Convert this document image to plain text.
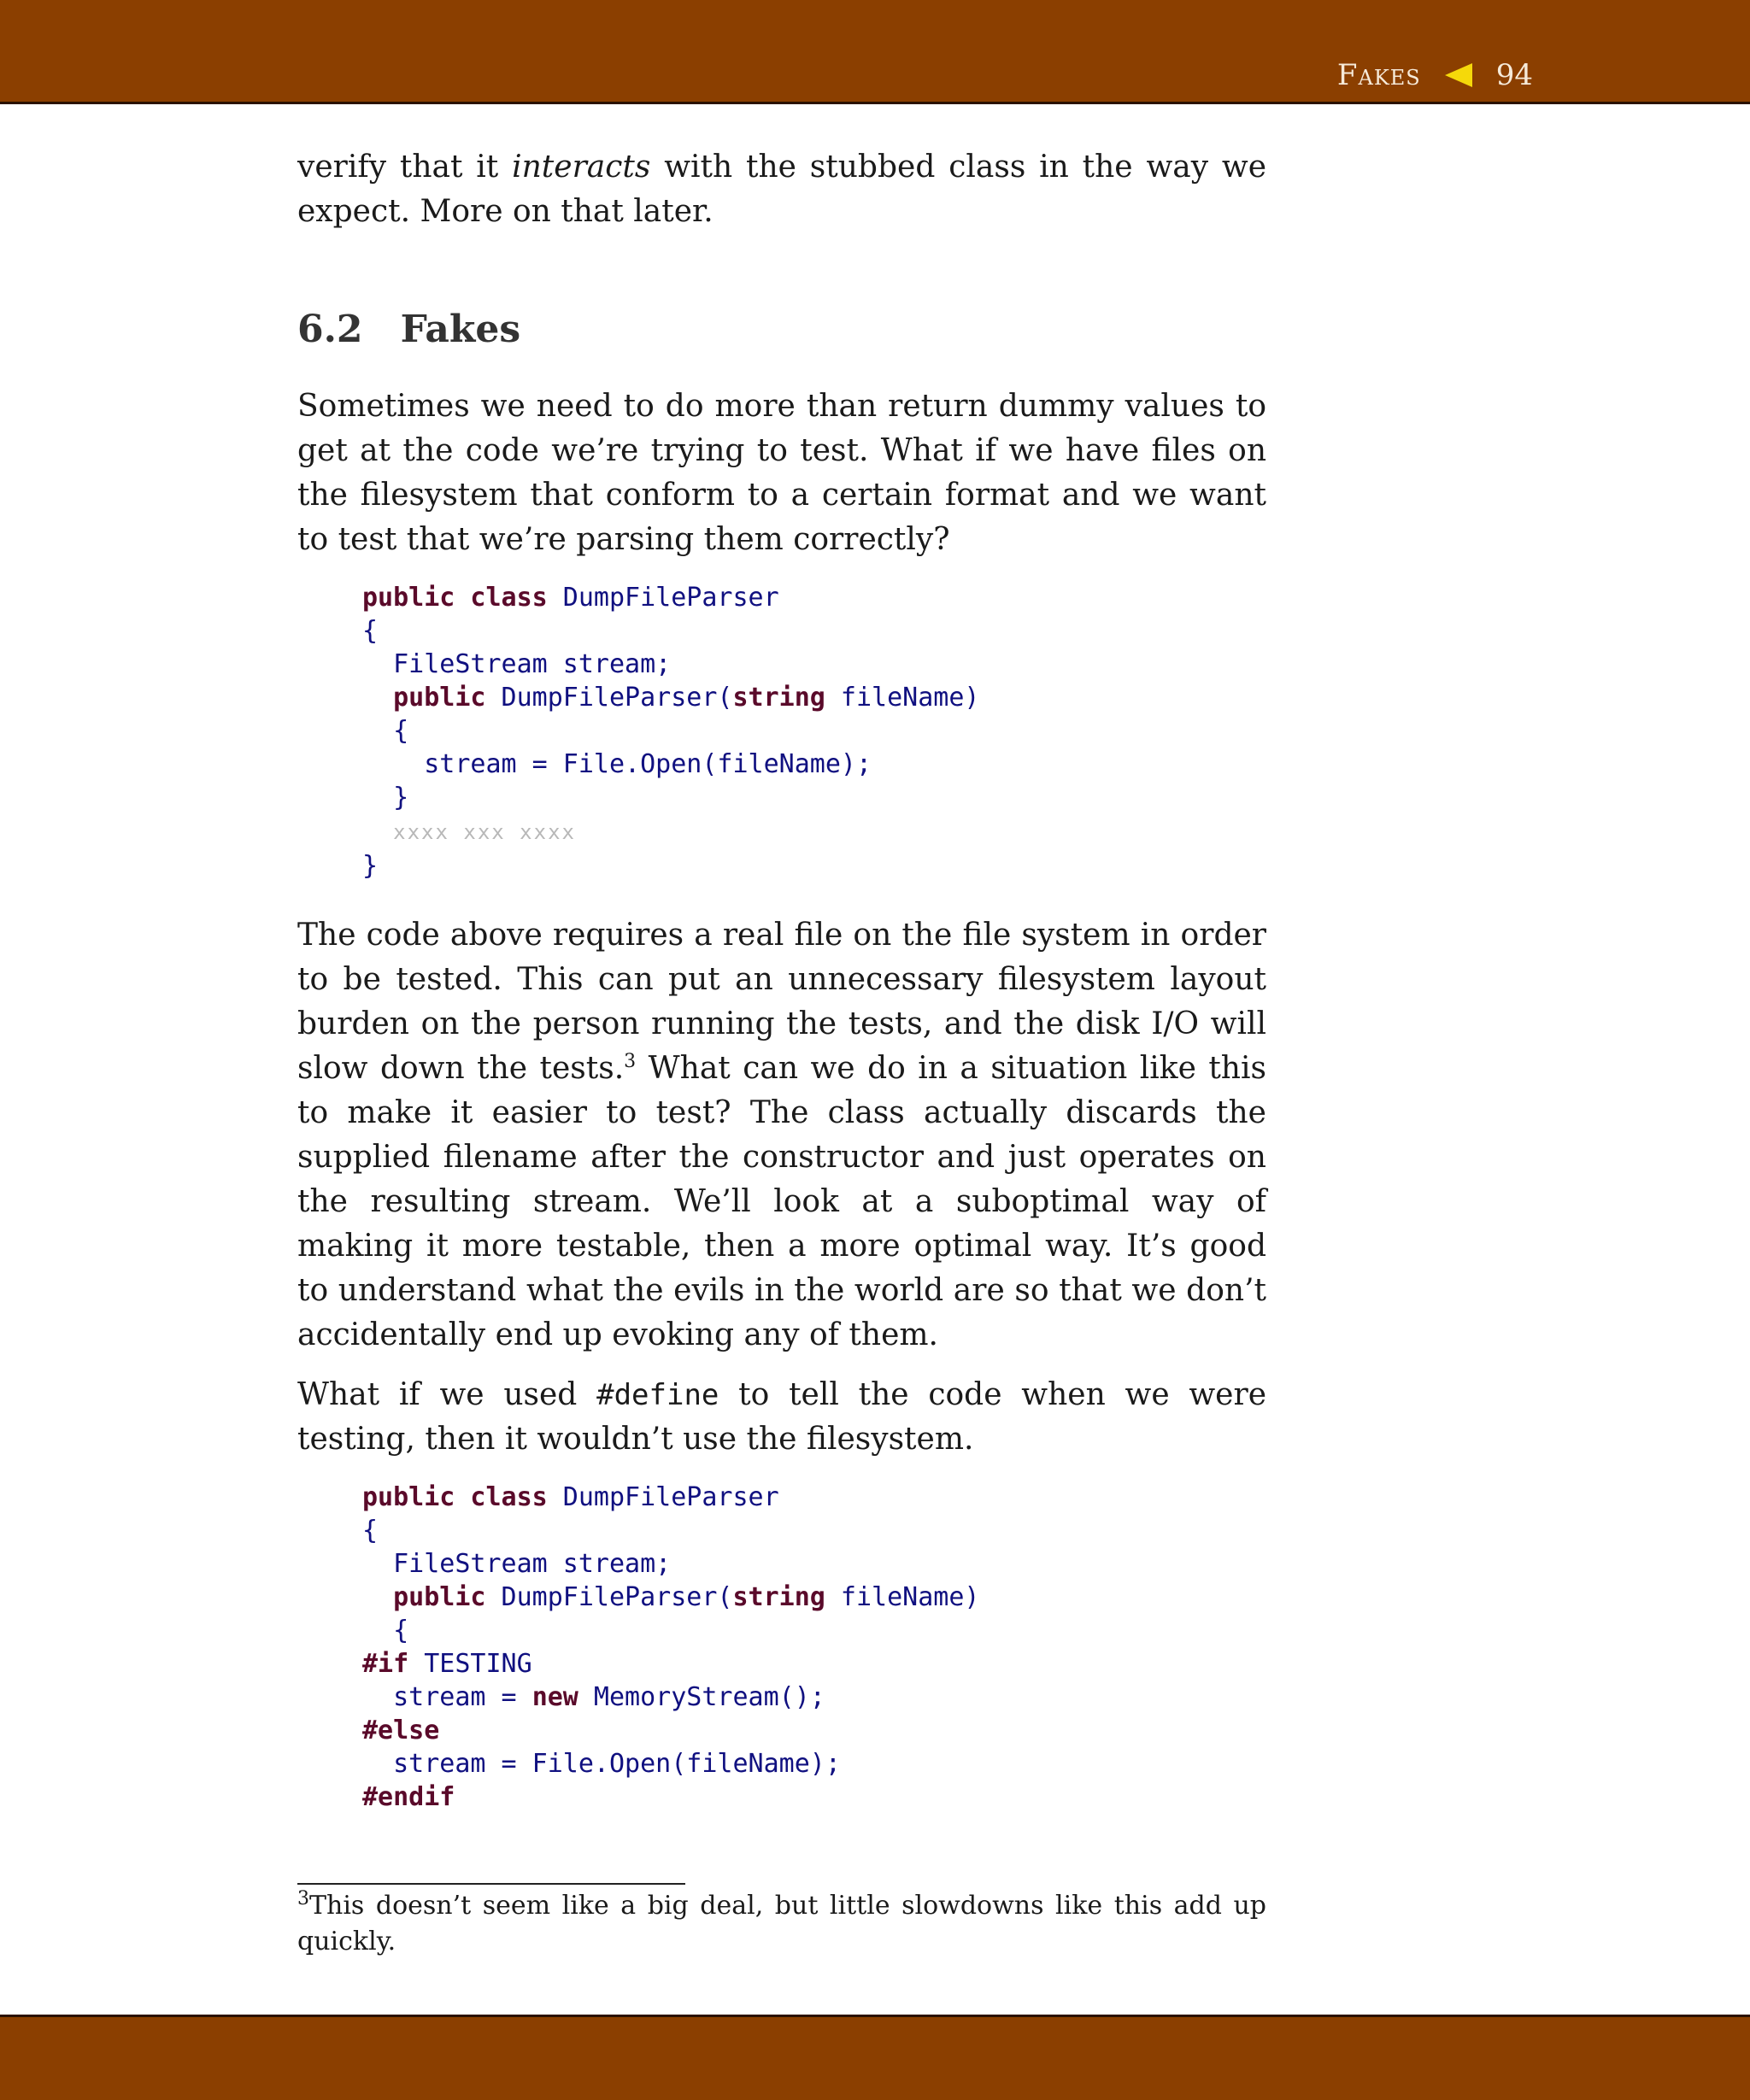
Fakes	94

verify that it interacts with the stubbed class in the way we expect. More on that later.

6.2 Fakes

Sometimes we need to do more than return dummy values to get at the code we’re trying to test. What if we have files on the filesystem that conform to a certain format and we want to test that we’re parsing them correctly?

public class DumpFileParser
{
FileStream stream;
public DumpFileParser(string fileName)
{
stream = File.Open(fileName);
}
xxxx xxx xxxx
}

The code above requires a real file on the file system in order to be tested. This can put an unnecessary filesystem layout burden on the person running the tests, and the disk I/O will slow down the tests.$^3$ What can we do in a situation like this to make it easier to test? The class actually discards the supplied filename after the constructor and just operates on the resulting stream. We’ll look at a suboptimal way of making it more testable, then a more optimal way. It’s good to understand what the evils in the world are so that we don’t accidentally end up evoking any of them.

What if we used #define to tell the code when we were testing, then it wouldn’t use the filesystem.

public class DumpFileParser
{
FileStream stream;
public DumpFileParser(string fileName)
{
#if TESTING
stream = new MemoryStream();
#else
stream = File.Open(fileName);
#endif
$^3$This doesn’t seem like a big deal, but little slowdowns like this add up quickly.
